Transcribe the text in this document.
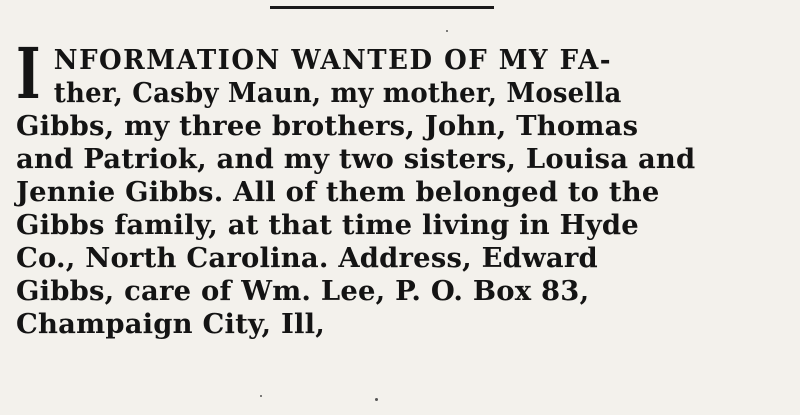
I NFORMATION WANTED OF MY FA-
ther, Casby Maun, my mother, Mosella
Gibbs, my three brothers, John, Thomas
and Patriok, and my two sisters, Louisa and
Jennie Gibbs. All of them belonged to the
Gibbs family, at that time living in Hyde
Co., North Carolina. Address, Edward
Gibbs, care of Wm. Lee, P. O. Box 83,
Champaign City, Ill,
